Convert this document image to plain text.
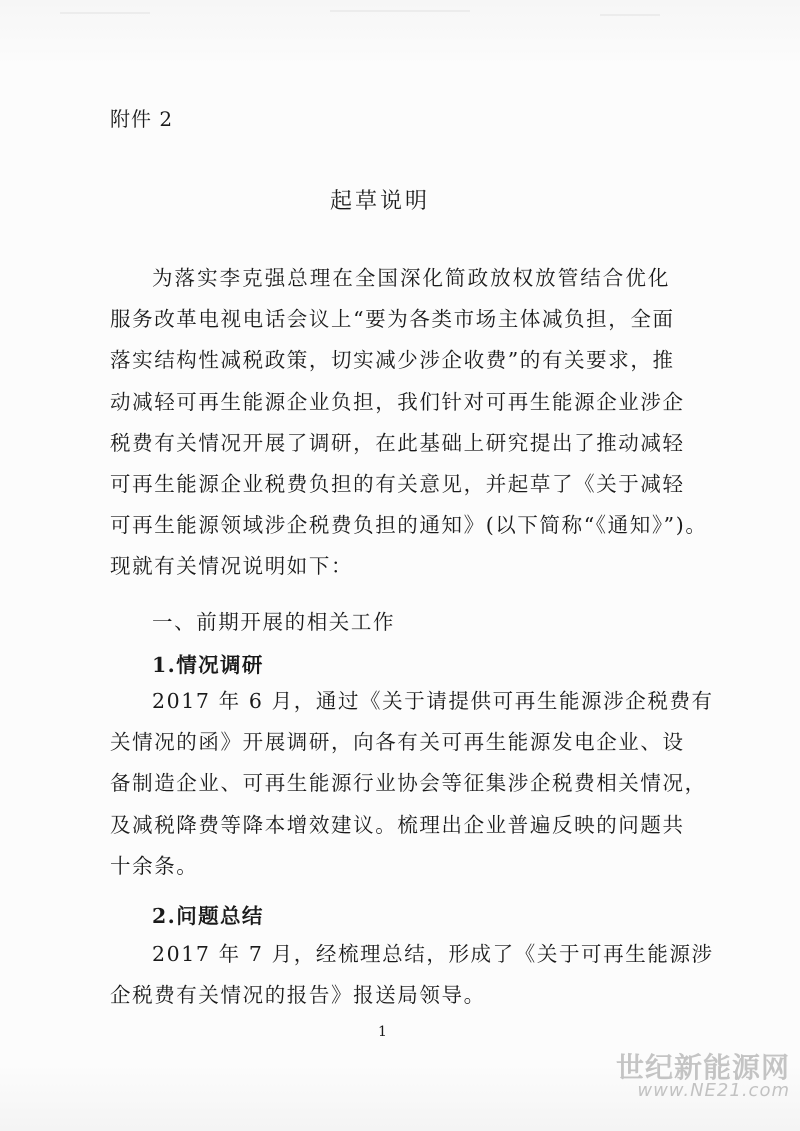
附件 2
起草说明
为落实李克强总理在全国深化简政放权放管结合优化
服务改革电视电话会议上“要为各类市场主体减负担，全面
落实结构性减税政策，切实减少涉企收费”的有关要求，推
动减轻可再生能源企业负担，我们针对可再生能源企业涉企
税费有关情况开展了调研，在此基础上研究提出了推动减轻
可再生能源企业税费负担的有关意见，并起草了《关于减轻
可再生能源领域涉企税费负担的通知》(以下简称“《通知》”)。
现就有关情况说明如下：
一、前期开展的相关工作
1.情况调研
2017 年 6 月，通过《关于请提供可再生能源涉企税费有
关情况的函》开展调研，向各有关可再生能源发电企业、设
备制造企业、可再生能源行业协会等征集涉企税费相关情况，
及减税降费等降本增效建议。梳理出企业普遍反映的问题共
十余条。
2.问题总结
2017 年 7 月，经梳理总结，形成了《关于可再生能源涉
企税费有关情况的报告》报送局领导。
1
世纪新能源网
www.NE21.com
